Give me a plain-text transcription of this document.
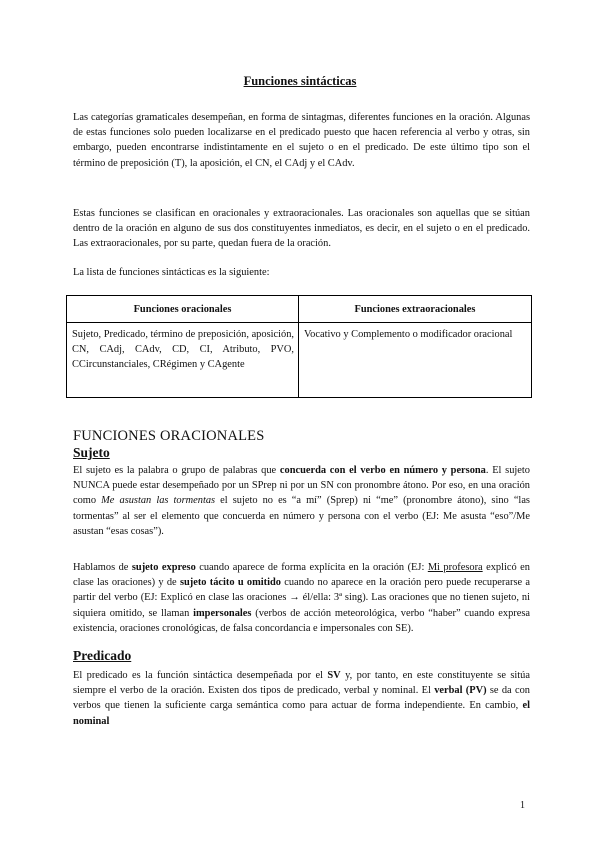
Funciones sintácticas

Las categorías gramaticales desempeñan, en forma de sintagmas, diferentes funciones en la oración. Algunas de estas funciones solo pueden localizarse en el predicado puesto que hacen referencia al verbo y otras, sin embargo, pueden encontrarse indistintamente en el sujeto o en el predicado. De este último tipo son el término de preposición (T), la aposición, el CN, el CAdj y el CAdv.

Estas funciones se clasifican en oracionales y extraoracionales. Las oracionales son aquellas que se sitúan dentro de la oración en alguno de sus dos constituyentes inmediatos, es decir, en el sujeto o en el predicado. Las extraoracionales, por su parte, quedan fuera de la oración.

La lista de funciones sintácticas es la siguiente:

Funciones oracionales	Funciones extraoracionales
Sujeto, Predicado, término de preposición, aposición, CN, CAdj, CAdv, CD, CI, Atributo, PVO, CCircunstanciales, CRégimen y CAgente	Vocativo y Complemento o modificador oracional
FUNCIONES ORACIONALES
Sujeto

El sujeto es la palabra o grupo de palabras que concuerda con el verbo en número y persona. El sujeto NUNCA puede estar desempeñado por un SPrep ni por un SN con pronombre átono. Por eso, en una oración como Me asustan las tormentas el sujeto no es “a mí” (Sprep) ni “me” (pronombre átono), sino “las tormentas” al ser el elemento que concuerda en número y persona con el verbo (EJ: Me asusta “eso”/Me asustan “esas cosas”).

Hablamos de sujeto expreso cuando aparece de forma explícita en la oración (EJ: Mi profesora explicó en clase las oraciones) y de sujeto tácito u omitido cuando no aparece en la oración pero puede recuperarse a partir del verbo (EJ: Explicó en clase las oraciones → él/ella: 3ª sing). Las oraciones que no tienen sujeto, ni siquiera omitido, se llaman impersonales (verbos de acción meteorológica, verbo “haber” cuando expresa existencia, oraciones cronológicas, de falsa concordancia e impersonales con SE).

Predicado

El predicado es la función sintáctica desempeñada por el SV y, por tanto, en este constituyente se sitúa siempre el verbo de la oración. Existen dos tipos de predicado, verbal y nominal. El verbal (PV) se da con verbos que tienen la suficiente carga semántica como para actuar de forma independiente. En cambio, el nominal

1
